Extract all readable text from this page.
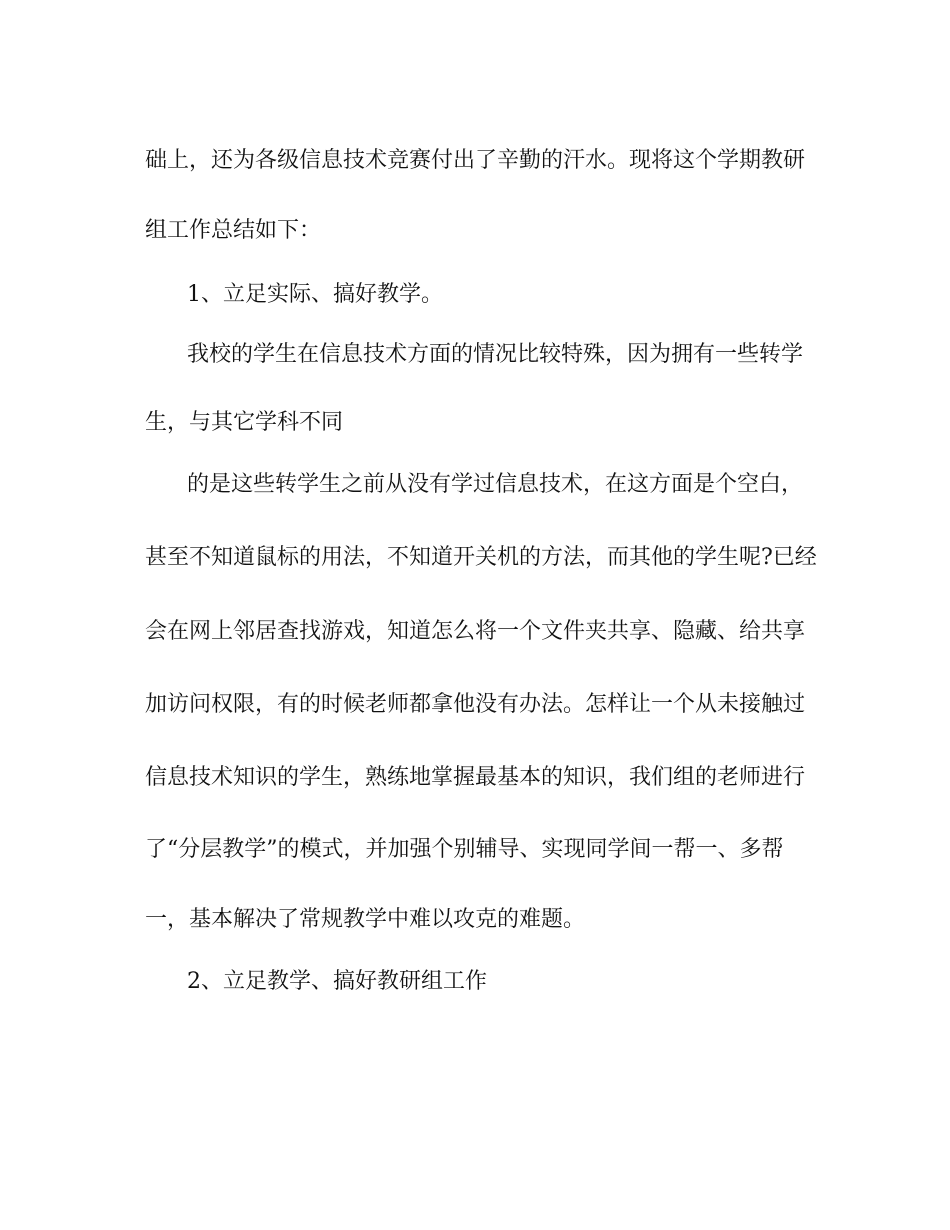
础上，还为各级信息技术竞赛付出了辛勤的汗水。现将这个学期教研

组工作总结如下：

1、立足实际、搞好教学。

我校的学生在信息技术方面的情况比较特殊，因为拥有一些转学

生，与其它学科不同

的是这些转学生之前从没有学过信息技术，在这方面是个空白，

甚至不知道鼠标的用法，不知道开关机的方法，而其他的学生呢?已经

会在网上邻居查找游戏，知道怎么将一个文件夹共享、隐藏、给共享

加访问权限，有的时候老师都拿他没有办法。怎样让一个从未接触过

信息技术知识的学生，熟练地掌握最基本的知识，我们组的老师进行

了“分层教学”的模式，并加强个别辅导、实现同学间一帮一、多帮

一，基本解决了常规教学中难以攻克的难题。

2、立足教学、搞好教研组工作
